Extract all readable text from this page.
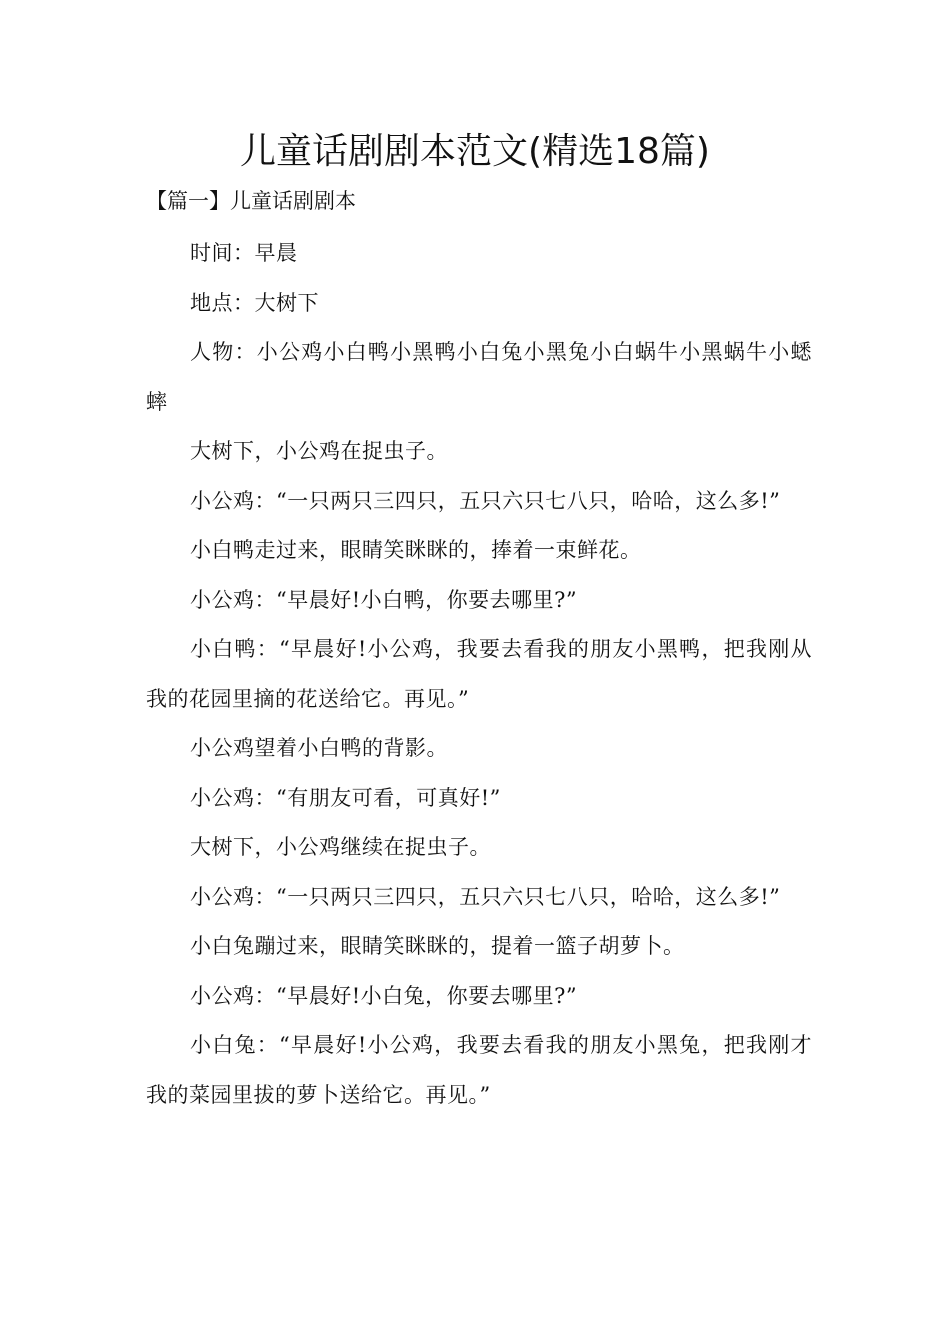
儿童话剧剧本范文(精选18篇)

【篇一】儿童话剧剧本

时间：早晨

地点：大树下

人物：小公鸡小白鸭小黑鸭小白兔小黑兔小白蜗牛小黑蜗牛小蟋蟀

大树下，小公鸡在捉虫子。

小公鸡：“一只两只三四只，五只六只七八只，哈哈，这么多!”

小白鸭走过来，眼睛笑眯眯的，捧着一束鲜花。

小公鸡：“早晨好!小白鸭，你要去哪里?”

小白鸭：“早晨好!小公鸡，我要去看我的朋友小黑鸭，把我刚从我的花园里摘的花送给它。再见。”

小公鸡望着小白鸭的背影。

小公鸡：“有朋友可看，可真好!”

大树下，小公鸡继续在捉虫子。

小公鸡：“一只两只三四只，五只六只七八只，哈哈，这么多!”

小白兔蹦过来，眼睛笑眯眯的，提着一篮子胡萝卜。

小公鸡：“早晨好!小白兔，你要去哪里?”

小白兔：“早晨好!小公鸡，我要去看我的朋友小黑兔，把我刚才我的菜园里拔的萝卜送给它。再见。”
